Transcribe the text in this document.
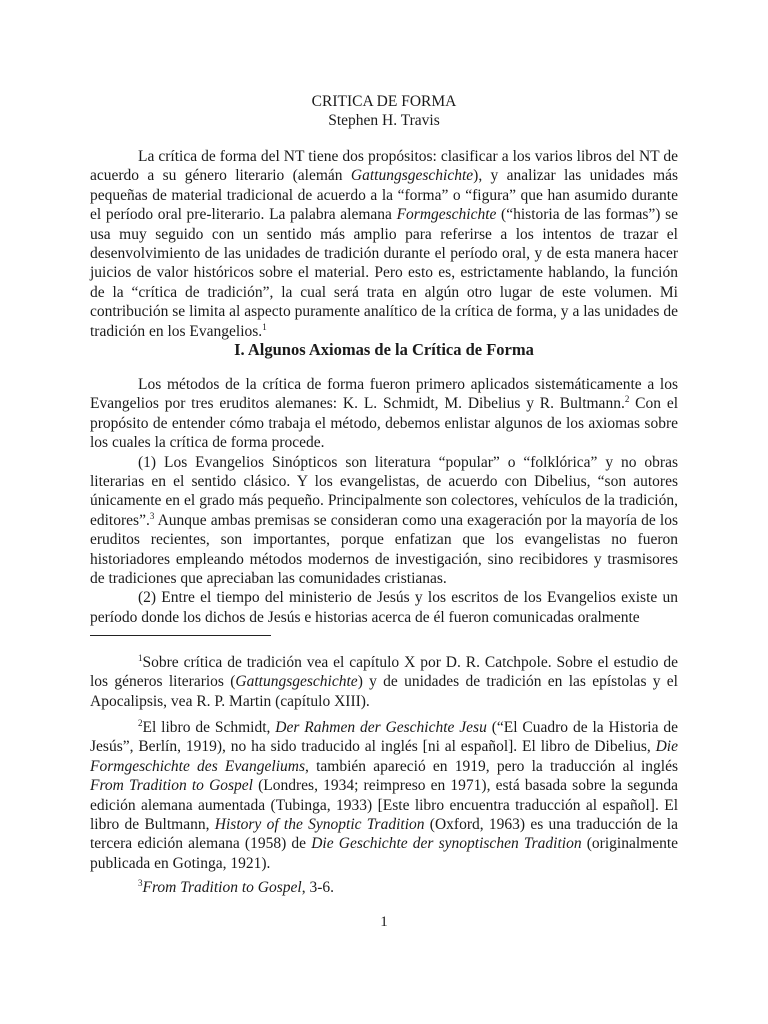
CRITICA DE FORMA
Stephen H. Travis

La crítica de forma del NT tiene dos propósitos: clasificar a los varios libros del NT de acuerdo a su género literario (alemán Gattungsgeschichte), y analizar las unidades más pequeñas de material tradicional de acuerdo a la “forma” o “figura” que han asumido durante el período oral pre-literario. La palabra alemana Formgeschichte (“historia de las formas”) se usa muy seguido con un sentido más amplio para referirse a los intentos de trazar el desenvolvimiento de las unidades de tradición durante el período oral, y de esta manera hacer juicios de valor históricos sobre el material. Pero esto es, estrictamente hablando, la función de la “crítica de tradición”, la cual será trata en algún otro lugar de este volumen. Mi contribución se limita al aspecto puramente analítico de la crítica de forma, y a las unidades de tradición en los Evangelios.$^1$

I. Algunos Axiomas de la Crítica de Forma

Los métodos de la crítica de forma fueron primero aplicados sistemáticamente a los Evangelios por tres eruditos alemanes: K. L. Schmidt, M. Dibelius y R. Bultmann.$^2$ Con el propósito de entender cómo trabaja el método, debemos enlistar algunos de los axiomas sobre los cuales la crítica de forma procede.

(1) Los Evangelios Sinópticos son literatura “popular” o “folklórica” y no obras literarias en el sentido clásico. Y los evangelistas, de acuerdo con Dibelius, “son autores únicamente en el grado más pequeño. Principalmente son colectores, vehículos de la tradición, editores”.$^3$ Aunque ambas premisas se consideran como una exageración por la mayoría de los eruditos recientes, son importantes, porque enfatizan que los evangelistas no fueron historiadores empleando métodos modernos de investigación, sino recibidores y trasmisores de tradiciones que apreciaban las comunidades cristianas.

(2) Entre el tiempo del ministerio de Jesús y los escritos de los Evangelios existe un período donde los dichos de Jesús e historias acerca de él fueron comunicadas oralmente

$^1$Sobre crítica de tradición vea el capítulo X por D. R. Catchpole. Sobre el estudio de los géneros literarios (Gattungsgeschichte) y de unidades de tradición en las epístolas y el Apocalipsis, vea R. P. Martin (capítulo XIII).

$^2$El libro de Schmidt, Der Rahmen der Geschichte Jesu (“El Cuadro de la Historia de Jesús”, Berlín, 1919), no ha sido traducido al inglés [ni al español]. El libro de Dibelius, Die Formgeschichte des Evangeliums, también apareció en 1919, pero la traducción al inglés From Tradition to Gospel (Londres, 1934; reimpreso en 1971), está basada sobre la segunda edición alemana aumentada (Tubinga, 1933) [Este libro encuentra traducción al español]. El libro de Bultmann, History of the Synoptic Tradition (Oxford, 1963) es una traducción de la tercera edición alemana (1958) de Die Geschichte der synoptischen Tradition (originalmente publicada en Gotinga, 1921).

$^3$From Tradition to Gospel, 3-6.

1
